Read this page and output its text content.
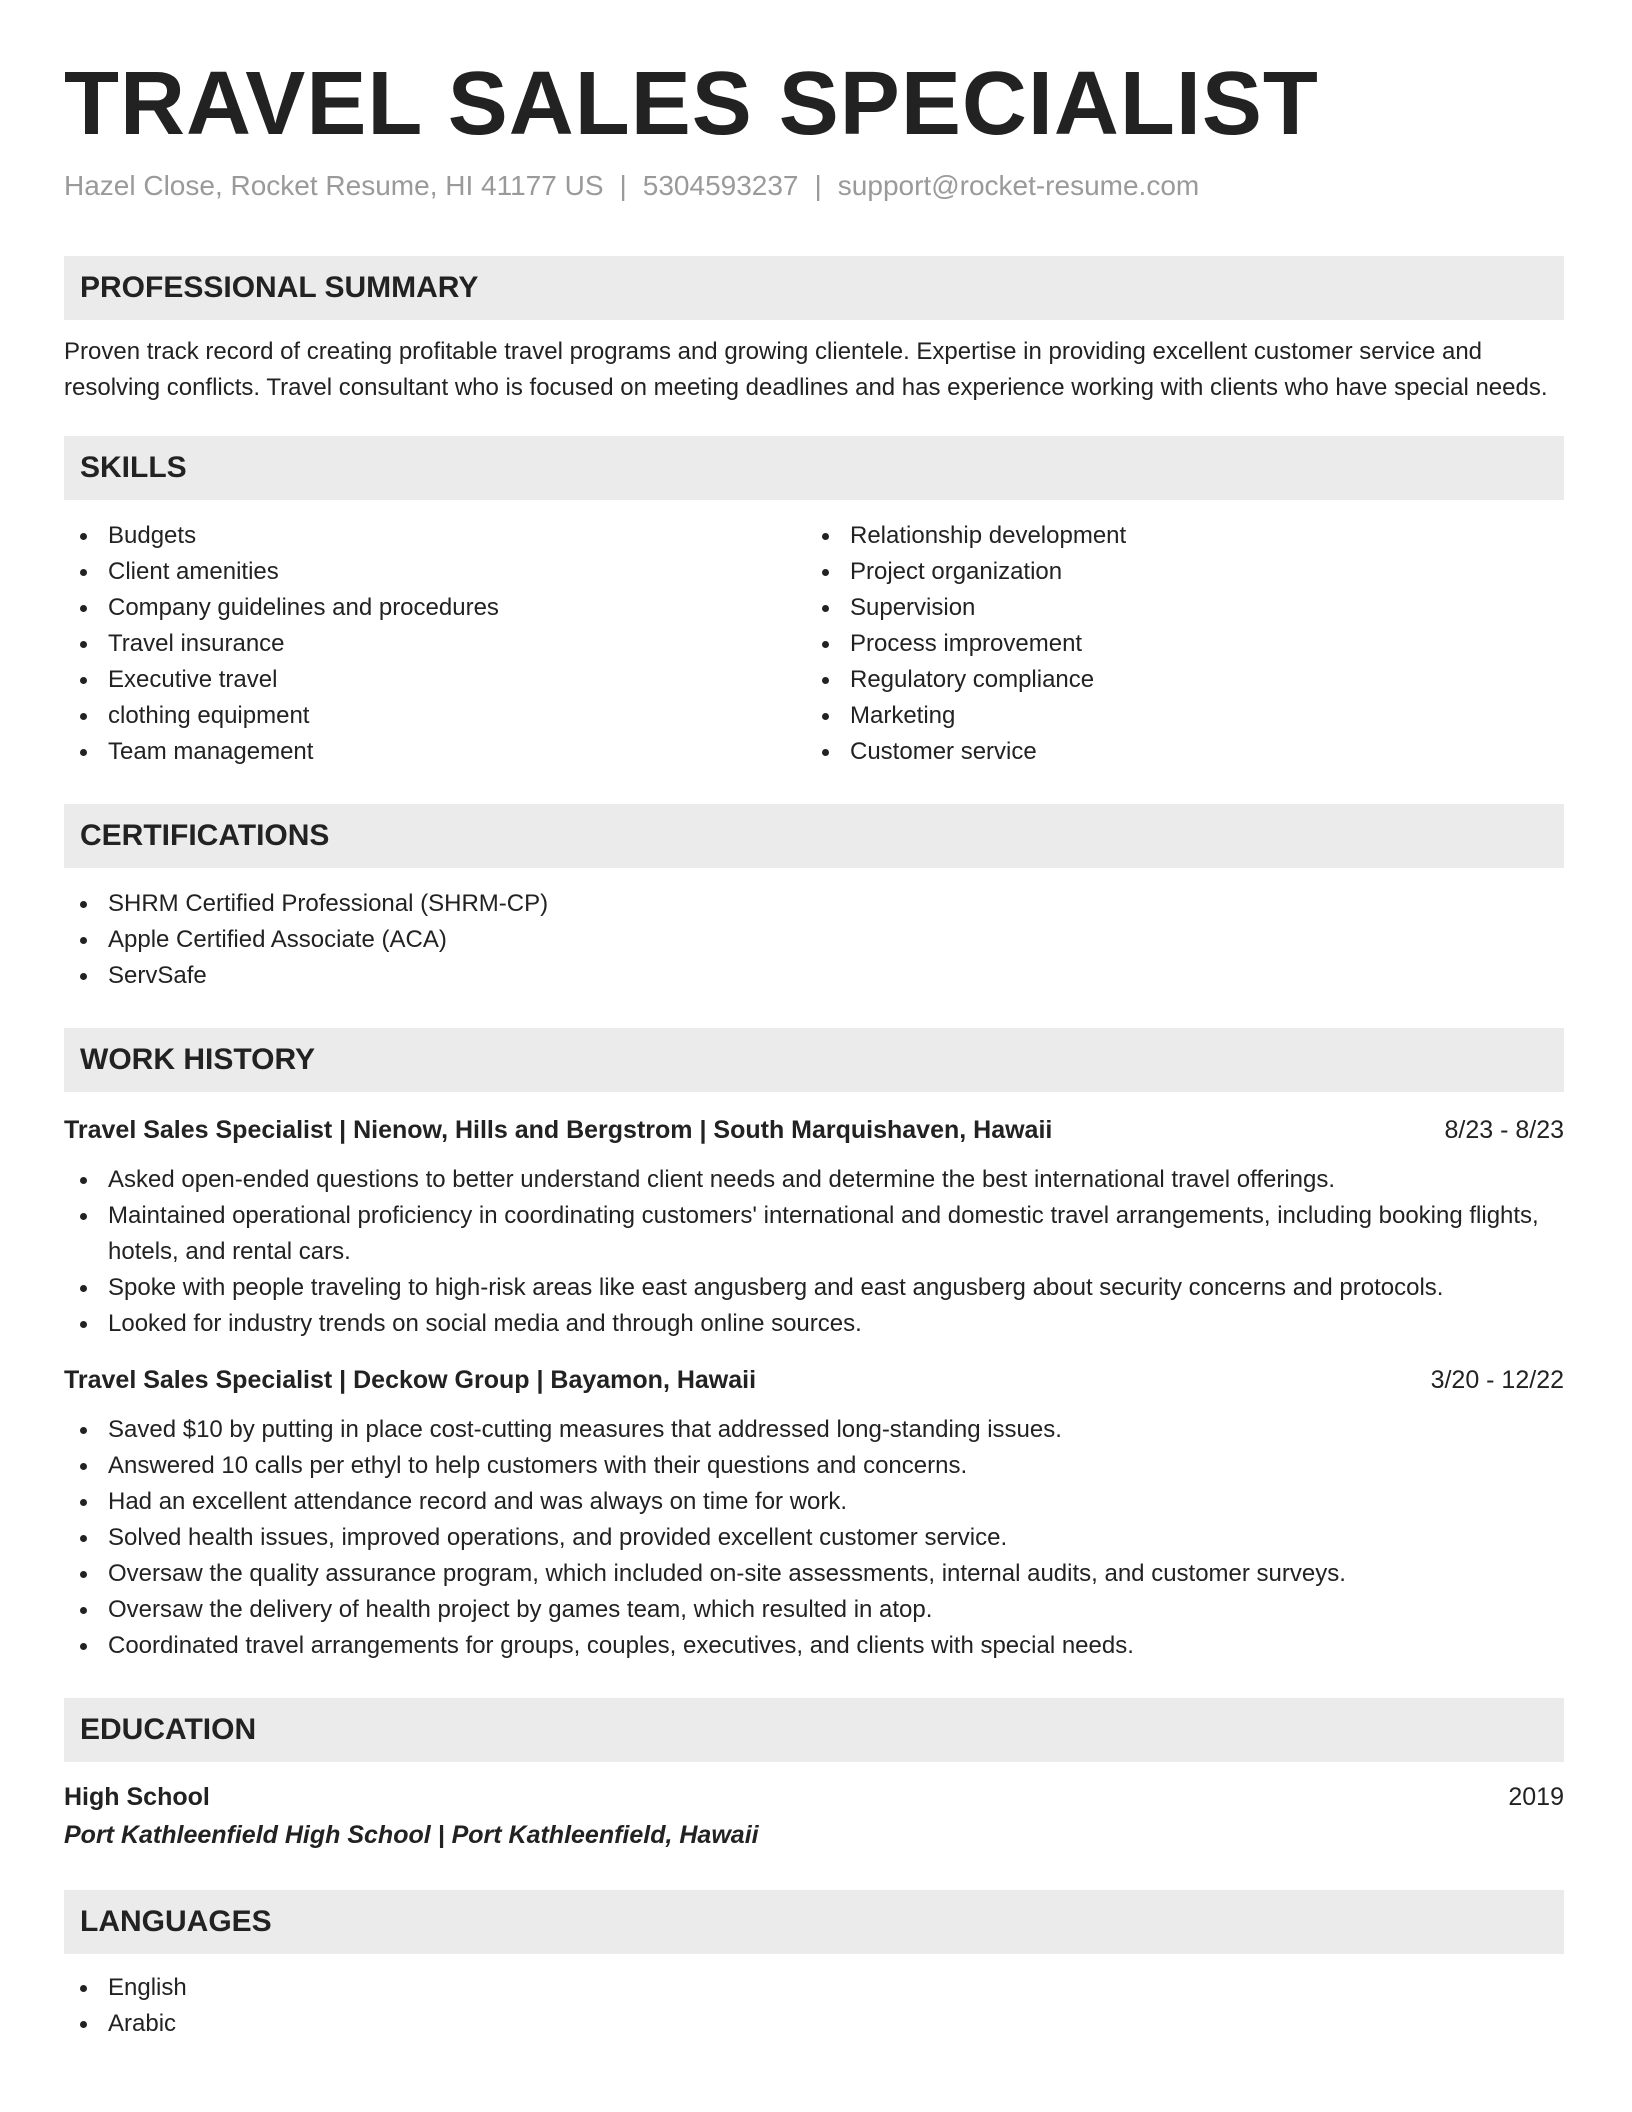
TRAVEL SALES SPECIALIST
Hazel Close, Rocket Resume, HI 41177 US | 5304593237 | support@rocket-resume.com
PROFESSIONAL SUMMARY
Proven track record of creating profitable travel programs and growing clientele. Expertise in providing excellent customer service and resolving conflicts. Travel consultant who is focused on meeting deadlines and has experience working with clients who have special needs.
SKILLS
Budgets
Client amenities
Company guidelines and procedures
Travel insurance
Executive travel
clothing equipment
Team management
Relationship development
Project organization
Supervision
Process improvement
Regulatory compliance
Marketing
Customer service
CERTIFICATIONS
SHRM Certified Professional (SHRM-CP)
Apple Certified Associate (ACA)
ServSafe
WORK HISTORY
Travel Sales Specialist | Nienow, Hills and Bergstrom | South Marquishaven, Hawaii	8/23 - 8/23
Asked open-ended questions to better understand client needs and determine the best international travel offerings.
Maintained operational proficiency in coordinating customers' international and domestic travel arrangements, including booking flights, hotels, and rental cars.
Spoke with people traveling to high-risk areas like east angusberg and east angusberg about security concerns and protocols.
Looked for industry trends on social media and through online sources.
Travel Sales Specialist | Deckow Group | Bayamon, Hawaii	3/20 - 12/22
Saved $10 by putting in place cost-cutting measures that addressed long-standing issues.
Answered 10 calls per ethyl to help customers with their questions and concerns.
Had an excellent attendance record and was always on time for work.
Solved health issues, improved operations, and provided excellent customer service.
Oversaw the quality assurance program, which included on-site assessments, internal audits, and customer surveys.
Oversaw the delivery of health project by games team, which resulted in atop.
Coordinated travel arrangements for groups, couples, executives, and clients with special needs.
EDUCATION
High School	2019
Port Kathleenfield High School | Port Kathleenfield, Hawaii
LANGUAGES
English
Arabic
